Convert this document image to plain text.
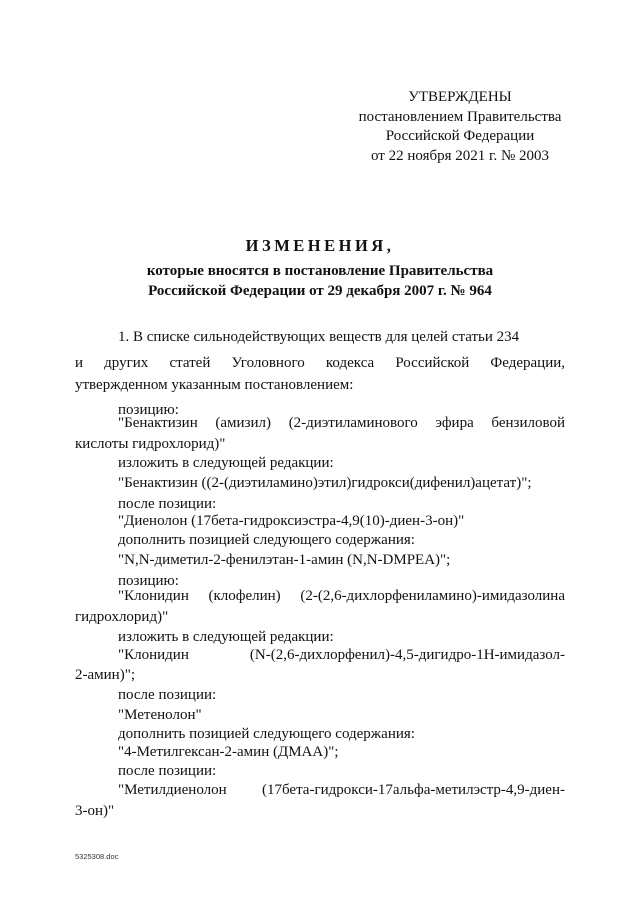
УТВЕРЖДЕНЫ
постановлением Правительства
Российской Федерации
от 22 ноября 2021 г. № 2003
ИЗМЕНЕНИЯ,
которые вносятся в постановление Правительства
Российской Федерации от 29 декабря 2007 г. № 964
1. В списке сильнодействующих веществ для целей статьи 234
и других статей Уголовного кодекса Российской Федерации,
утвержденном указанным постановлением:
позицию:
"Бенактизин (амизил) (2-диэтиламинового эфира бензиловой
кислоты гидрохлорид)"
изложить в следующей редакции:
"Бенактизин ((2-(диэтиламино)этил)гидрокси(дифенил)ацетат)";
после позиции:
"Диенолон (17бета-гидроксиэстра-4,9(10)-диен-3-он)"
дополнить позицией следующего содержания:
"N,N-диметил-2-фенилэтан-1-амин (N,N-DMPEA)";
позицию:
"Клонидин (клофелин) (2-(2,6-дихлорфениламино)-имидазолина
гидрохлорид)"
изложить в следующей редакции:
"Клонидин	(N-(2,6-дихлорфенил)-4,5-дигидро-1Н-имидазол-
2-амин)";
после позиции:
"Метенолон"
дополнить позицией следующего содержания:
"4-Метилгексан-2-амин (ДМАА)";
после позиции:
"Метилдиенолон (17бета-гидрокси-17альфа-метилэстр-4,9-диен-
3-он)"
5325308.doc
